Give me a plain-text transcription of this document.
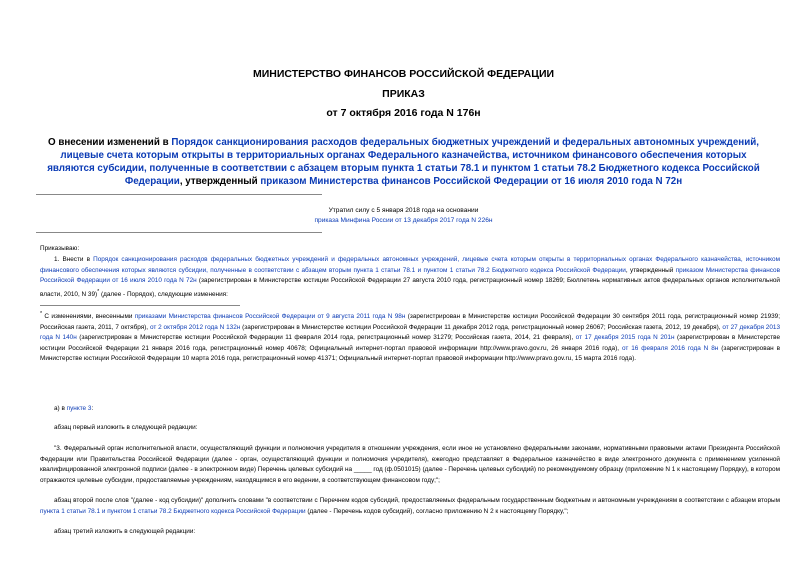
МИНИСТЕРСТВО ФИНАНСОВ РОССИЙСКОЙ ФЕДЕРАЦИИ
ПРИКАЗ
от 7 октября 2016 года N 176н
О внесении изменений в Порядок санкционирования расходов федеральных бюджетных учреждений и федеральных автономных учреждений, лицевые счета которым открыты в территориальных органах Федерального казначейства, источником финансового обеспечения которых являются субсидии, полученные в соответствии с абзацем вторым пункта 1 статьи 78.1 и пунктом 1 статьи 78.2 Бюджетного кодекса Российской Федерации, утвержденный приказом Министерства финансов Российской Федерации от 16 июля 2010 года N 72н
Утратил силу с 5 января 2018 года на основании
приказа Минфина России от 13 декабря 2017 года N 226н
Приказываю:
1. Внести в Порядок санкционирования расходов федеральных бюджетных учреждений и федеральных автономных учреждений, лицевые счета которым открыты в территориальных органах Федерального казначейства, источником финансового обеспечения которых являются субсидии, полученные в соответствии с абзацем вторым пункта 1 статьи 78.1 и пунктом 1 статьи 78.2 Бюджетного кодекса Российской Федерации, утвержденный приказом Министерства финансов Российской Федерации от 16 июля 2010 года N 72н (зарегистрирован в Министерстве юстиции Российской Федерации 27 августа 2010 года, регистрационный номер 18269; Бюллетень нормативных актов федеральных органов исполнительной власти, 2010, N 39)* (далее - Порядок), следующие изменения:
* С изменениями, внесенными приказами Министерства финансов Российской Федерации от 9 августа 2011 года N 98н (зарегистрирован в Министерстве юстиции Российской Федерации 30 сентября 2011 года, регистрационный номер 21939; Российская газета, 2011, 7 октября), от 2 октября 2012 года N 132н (зарегистрирован в Министерстве юстиции Российской Федерации 11 декабря 2012 года, регистрационный номер 26067; Российская газета, 2012, 19 декабря), от 27 декабря 2013 года N 140н (зарегистрирован в Министерстве юстиции Российской Федерации 11 февраля 2014 года, регистрационный номер 31279; Российская газета, 2014, 21 февраля), от 17 декабря 2015 года N 201н (зарегистрирован в Министерстве юстиции Российской Федерации 21 января 2016 года, регистрационный номер 40678; Официальный интернет-портал правовой информации http://www.pravo.gov.ru, 26 января 2016 года), от 16 февраля 2016 года N 8н (зарегистрирован в Министерстве юстиции Российской Федерации 10 марта 2016 года, регистрационный номер 41371; Официальный интернет-портал правовой информации http://www.pravo.gov.ru, 15 марта 2016 года).
а) в пункте 3:
абзац первый изложить в следующей редакции:
"3. Федеральный орган исполнительной власти, осуществляющий функции и полномочия учредителя в отношении учреждения, если иное не установлено федеральными законами, нормативными правовыми актами Президента Российской Федерации или Правительства Российской Федерации (далее - орган, осуществляющий функции и полномочия учредителя), ежегодно представляет в Федеральное казначейство в виде электронного документа с применением усиленной квалифицированной электронной подписи (далее - в электронном виде) Перечень целевых субсидий на _____ год (ф.0501015) (далее - Перечень целевых субсидий) по рекомендуемому образцу (приложение N 1 к настоящему Порядку), в котором отражаются целевые субсидии, предоставляемые учреждениям, находящимся в его ведении, в соответствующем финансовом году;";
абзац второй после слов "(далее - код субсидии)" дополнить словами "в соответствии с Перечнем кодов субсидий, предоставляемых федеральным государственным бюджетным и автономным учреждениям в соответствии с абзацем вторым пункта 1 статьи 78.1 и пунктом 1 статьи 78.2 Бюджетного кодекса Российской Федерации (далее - Перечень кодов субсидий), согласно приложению N 2 к настоящему Порядку,";
абзац третий изложить в следующей редакции:
